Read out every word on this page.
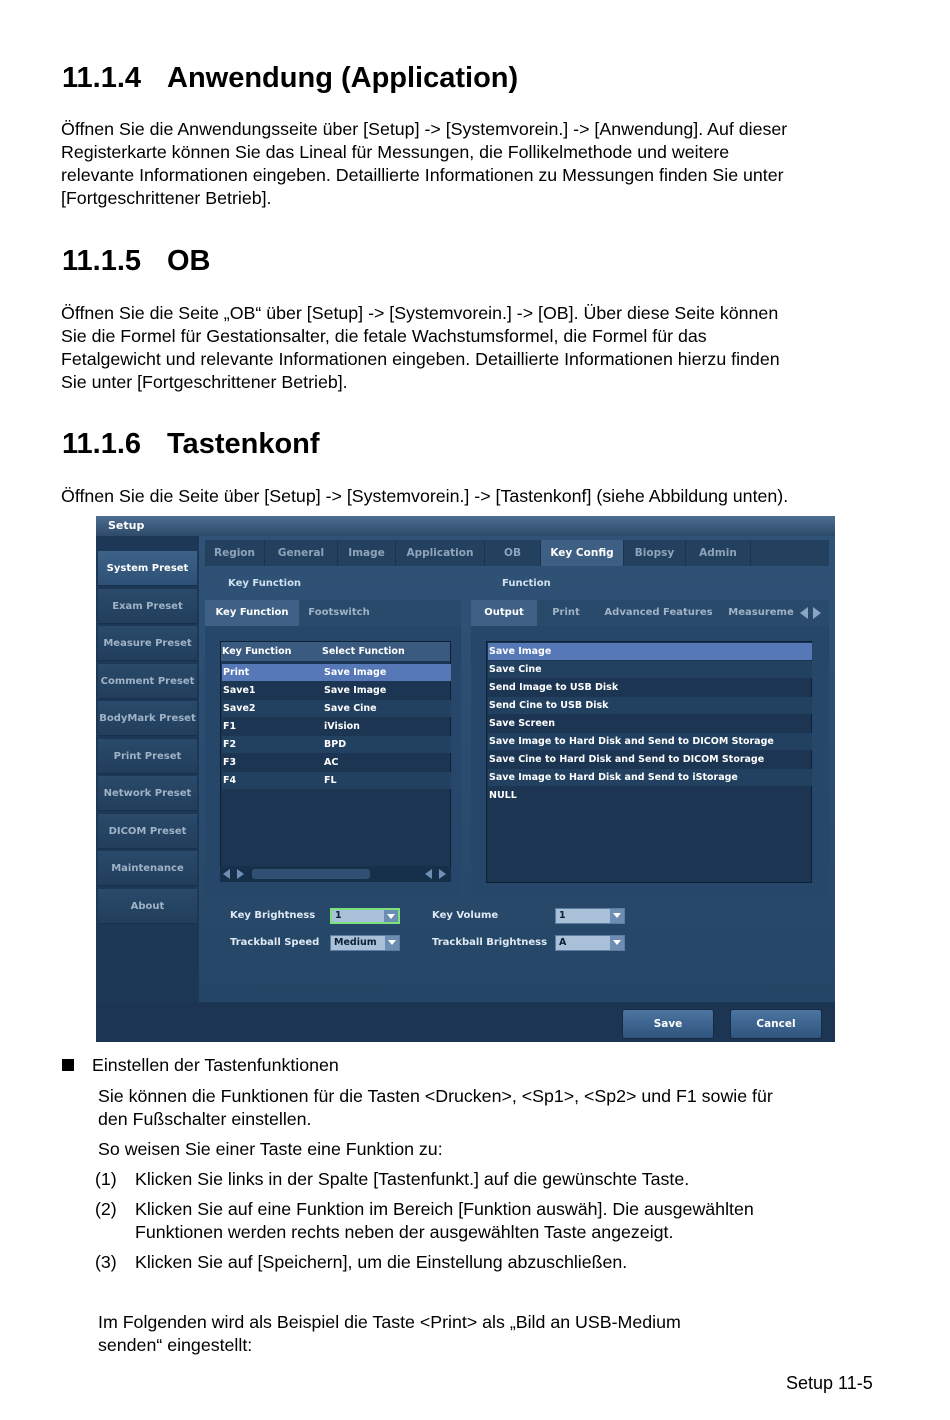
11.1.4 Anwendung (Application)
Öffnen Sie die Anwendungsseite über [Setup] -> [Systemvorein.] -> [Anwendung]. Auf dieser
Registerkarte können Sie das Lineal für Messungen, die Follikelmethode und weitere
relevante Informationen eingeben. Detaillierte Informationen zu Messungen finden Sie unter
[Fortgeschrittener Betrieb].
11.1.5 OB
Öffnen Sie die Seite „OB“ über [Setup] -> [Systemvorein.] -> [OB]. Über diese Seite können
Sie die Formel für Gestationsalter, die fetale Wachstumsformel, die Formel für das
Fetalgewicht und relevante Informationen eingeben. Detaillierte Informationen hierzu finden
Sie unter [Fortgeschrittener Betrieb].
11.1.6 Tastenkonf
Öffnen Sie die Seite über [Setup] -> [Systemvorein.] -> [Tastenkonf] (siehe Abbildung unten).
Setup
System Preset
Exam Preset
Measure Preset
Comment Preset
BodyMark Preset
Print Preset
Network Preset
DICOM Preset
Maintenance
About
Region	General	Image	Application	OB	Key Config	Biopsy	Admin
Key Function	Function
Key Function	Footswitch
Key Function	Select Function
Print	Save Image
Save1	Save Image
Save2	Save Cine
F1	iVision
F2	BPD
F3	AC
F4	FL
Output	Print	Advanced Features	Measureme
Save Image
Save Cine
Send Image to USB Disk
Send Cine to USB Disk
Save Screen
Save Image to Hard Disk and Send to DICOM Storage
Save Cine to Hard Disk and Send to DICOM Storage
Save Image to Hard Disk and Send to iStorage
NULL
Key Brightness	1	Key Volume	1
Trackball Speed	Medium	Trackball Brightness	A
Save	Cancel
Einstellen der Tastenfunktionen
Sie können die Funktionen für die Tasten <Drucken>, <Sp1>, <Sp2> und F1 sowie für
den Fußschalter einstellen.
So weisen Sie einer Taste eine Funktion zu:
(1)	Klicken Sie links in der Spalte [Tastenfunkt.] auf die gewünschte Taste.
(2)	Klicken Sie auf eine Funktion im Bereich [Funktion auswäh]. Die ausgewählten
Funktionen werden rechts neben der ausgewählten Taste angezeigt.
(3)	Klicken Sie auf [Speichern], um die Einstellung abzuschließen.
Im Folgenden wird als Beispiel die Taste <Print> als „Bild an USB-Medium
senden“ eingestellt:
Setup 11-5
